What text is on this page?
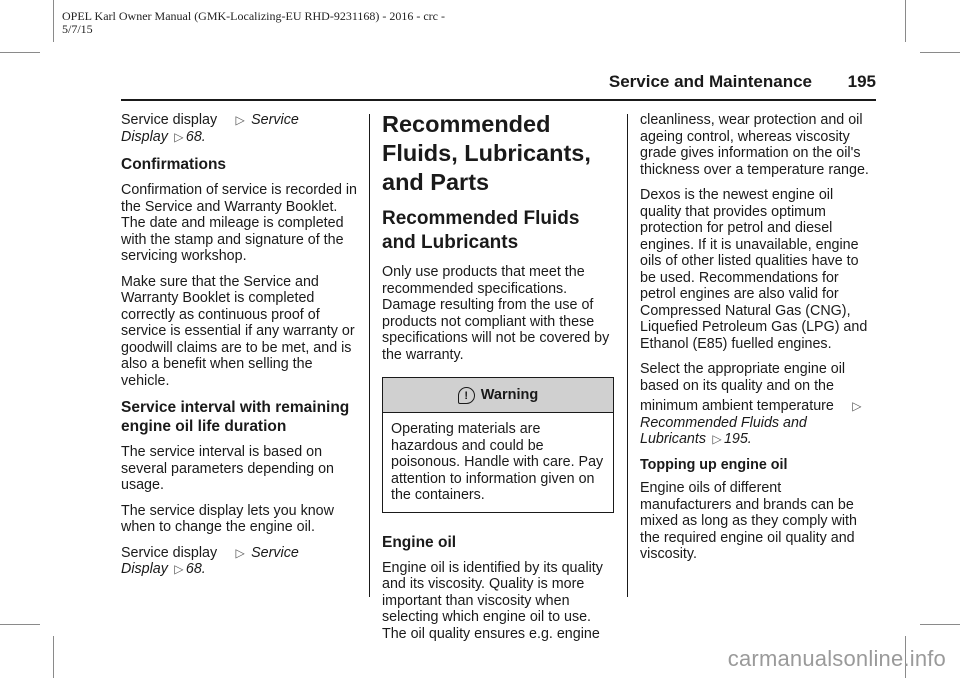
OPEL Karl Owner Manual (GMK-Localizing-EU RHD-9231168) - 2016 - crc -
5/7/15
Service and Maintenance 195

Service display ▷ Service
Display ▷ 68.

Confirmations

Confirmation of service is recorded in the Service and Warranty Booklet. The date and mileage is completed with the stamp and signature of the servicing workshop.

Make sure that the Service and Warranty Booklet is completed correctly as continuous proof of service is essential if any warranty or goodwill claims are to be met, and is also a benefit when selling the vehicle.

Service interval with remaining engine oil life duration

The service interval is based on several parameters depending on usage.

The service display lets you know when to change the engine oil.

Service display ▷ Service
Display ▷ 68.

Recommended Fluids, Lubricants, and Parts
Recommended Fluids and Lubricants

Only use products that meet the recommended specifications. Damage resulting from the use of products not compliant with these specifications will not be covered by the warranty.

! Warning
Operating materials are hazardous and could be poisonous. Handle with care. Pay attention to information given on the containers.
Engine oil

Engine oil is identified by its quality and its viscosity. Quality is more important than viscosity when selecting which engine oil to use. The oil quality ensures e.g. engine

cleanliness, wear protection and oil ageing control, whereas viscosity grade gives information on the oil's thickness over a temperature range.

Dexos is the newest engine oil quality that provides optimum protection for petrol and diesel engines. If it is unavailable, engine oils of other listed qualities have to be used. Recommendations for petrol engines are also valid for Compressed Natural Gas (CNG), Liquefied Petroleum Gas (LPG) and Ethanol (E85) fuelled engines.

Select the appropriate engine oil based on its quality and on the

minimum ambient temperature ▷
Recommended Fluids and
Lubricants ▷ 195.

Topping up engine oil

Engine oils of different manufacturers and brands can be mixed as long as they comply with the required engine oil quality and viscosity.

carmanualsonline.info
